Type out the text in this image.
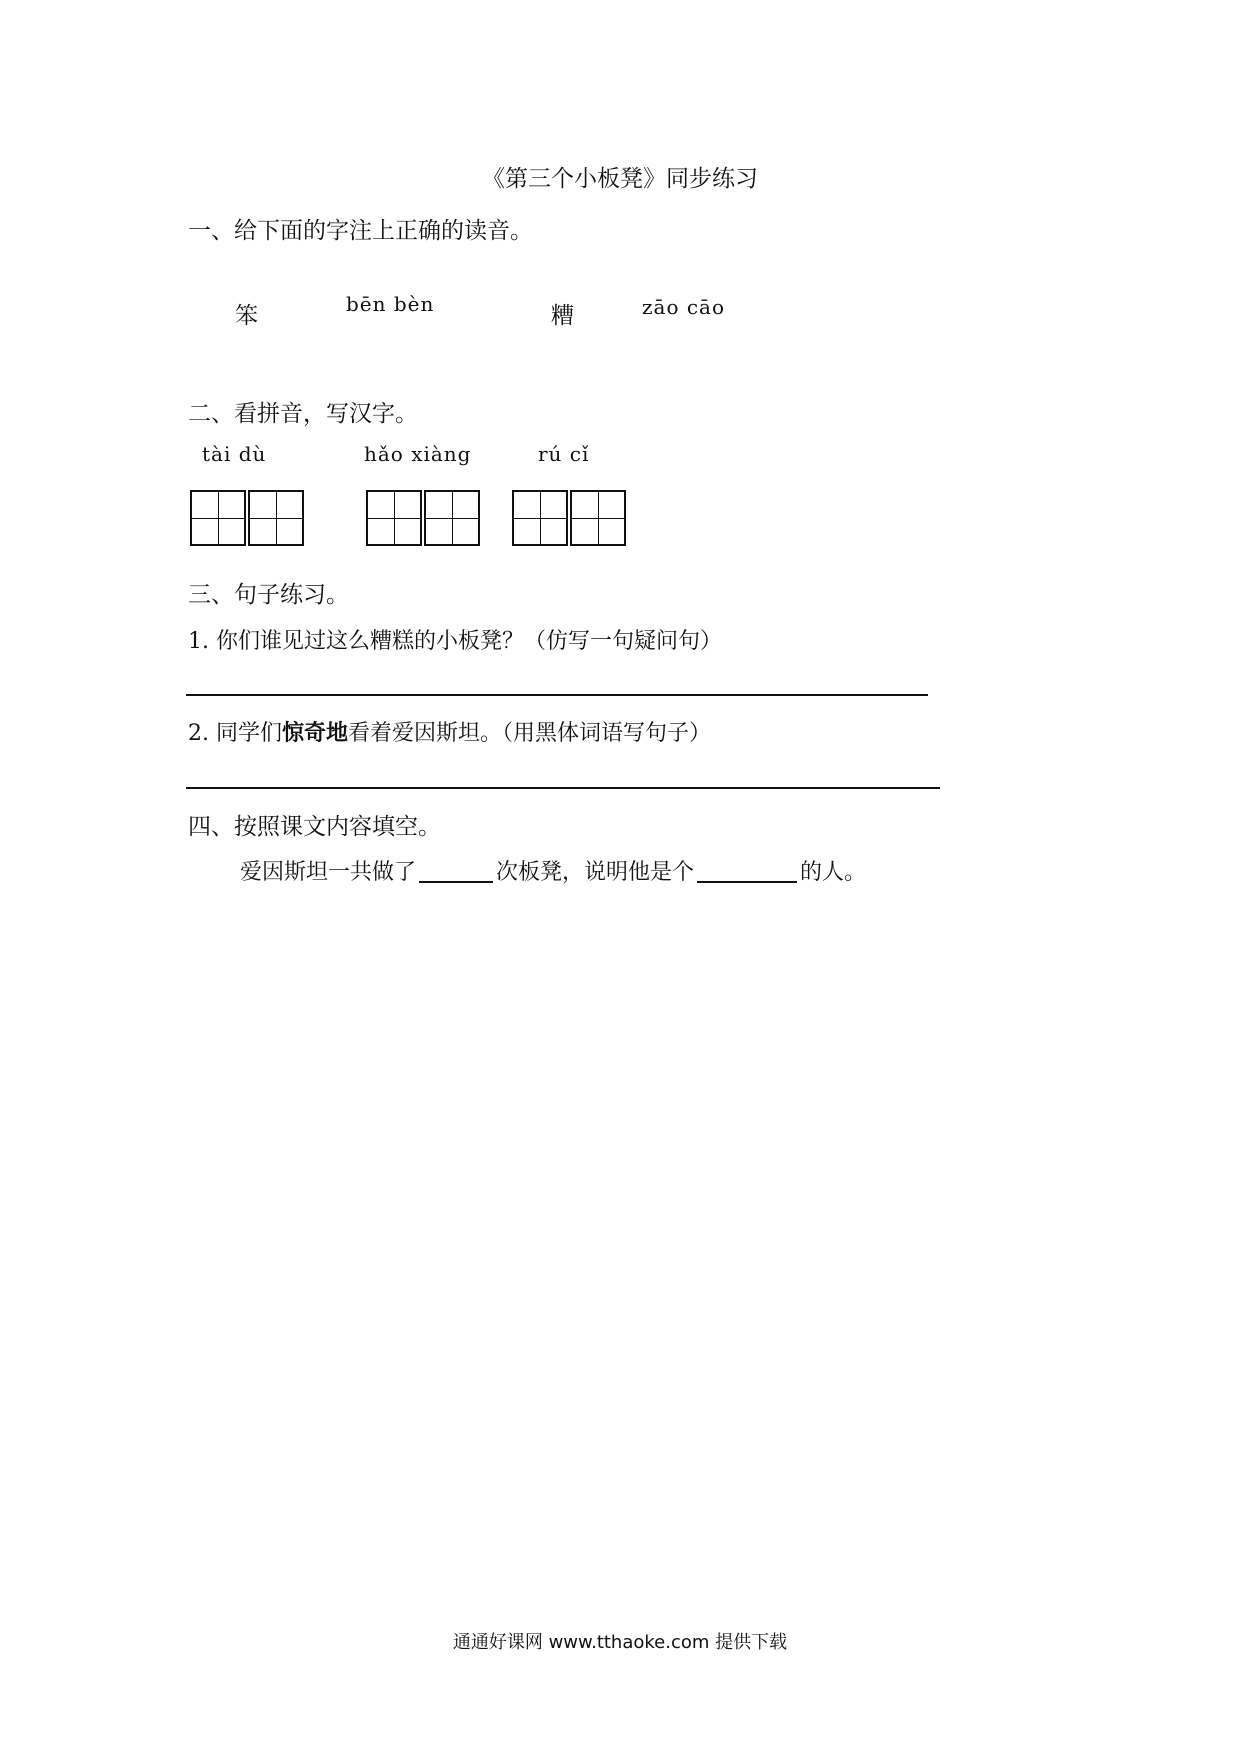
《第三个小板凳》同步练习
一、给下面的字注上正确的读音。
笨	bēn bèn	糟	zāo cāo
二、看拼音，写汉字。
tài dù	hǎo xiàng	rú cǐ
三、句子练习。
1. 你们谁见过这么糟糕的小板凳？（仿写一句疑问句）
2. 同学们惊奇地看着爱因斯坦。（用黑体词语写句子）
四、按照课文内容填空。
爱因斯坦一共做了	次板凳，说明他是个	的人。
通通好课网 www.tthaoke.com 提供下载
